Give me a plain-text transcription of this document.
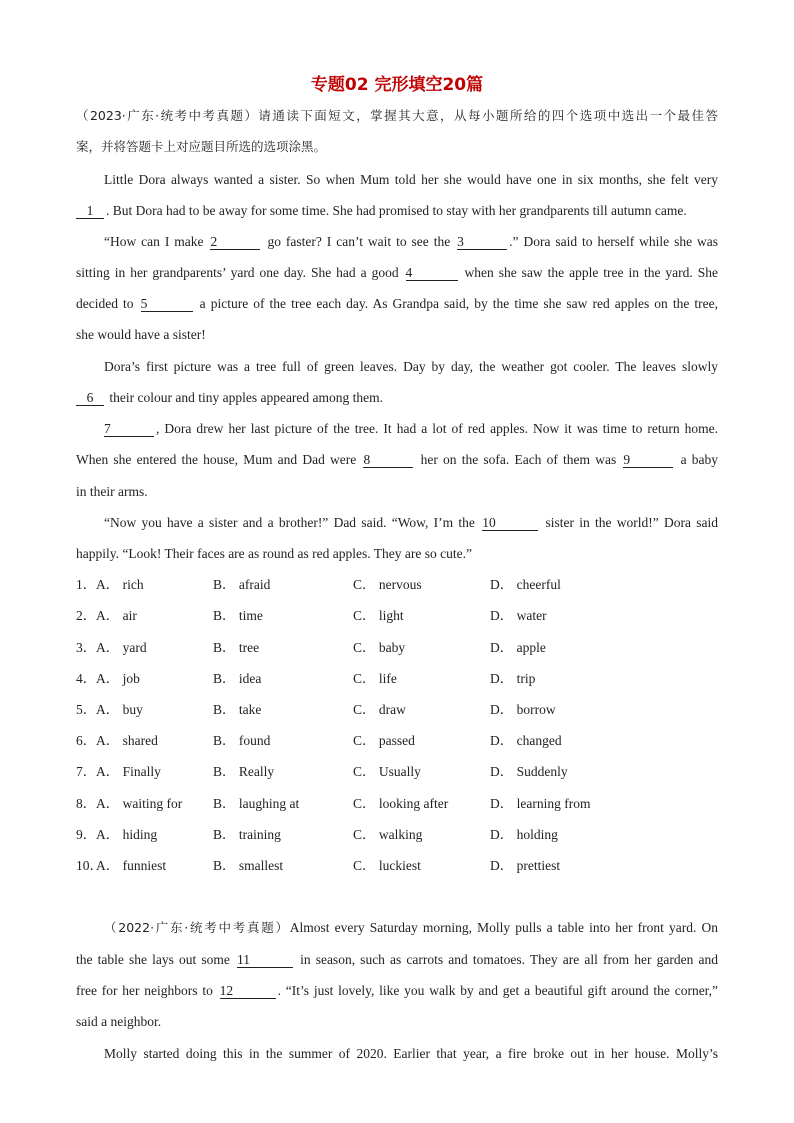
专题02 完形填空20篇
（2023·广东·统考中考真题）请通读下面短文，掌握其大意，从每小题所给的四个选项中选出一个最佳答
案，并将答题卡上对应题目所选的选项涂黑。
Little Dora always wanted a sister. So when Mum told her she would have one in six months, she felt very
1 . But Dora had to be away for some time. She had promised to stay with her grandparents till autumn came.
“How can I make 2	go faster? I can’t wait to see the 3	.” Dora said to herself while she was
sitting in her grandparents’ yard one day. She had a good 4	when she saw the apple tree in the yard. She
decided to 5	a picture of the tree each day. As Grandpa said, by the time she saw red apples on the tree,
she would have a sister!
Dora’s first picture was a tree full of green leaves. Day by day, the weather got cooler. The leaves slowly
6 their colour and tiny apples appeared among them.
7	, Dora drew her last picture of the tree. It had a lot of red apples. Now it was time to return home.
When she entered the house, Mum and Dad were 8	her on the sofa. Each of them was 9	a baby
in their arms.
“Now you have a sister and a brother!” Dad said. “Wow, I’m the 10	sister in the world!” Dora said
happily. “Look! Their faces are as round as red apples. They are so cute.”
1． A． rich	B． afraid	C． nervous	D． cheerful
2． A． air	B． time	C． light	D． water
3． A． yard	B． tree	C． baby	D． apple
4． A． job	B． idea	C． life	D． trip
5． A． buy	B． take	C． draw	D． borrow
6． A． shared	B． found	C． passed	D． changed
7． A． Finally	B． Really	C． Usually	D． Suddenly
8． A． waiting for B． laughing at	C． looking after	D． learning from
9． A． hiding	B． training	C． walking	D． holding
10．
A． funniest	B． smallest	C． luckiest	D． prettiest
（2022·广东·统考中考真题）Almost every Saturday morning, Molly pulls a table into her front yard. On
the table she lays out some 11	in season, such as carrots and tomatoes. They are all from her garden and
free for her neighbors to 12	. “It’s just lovely, like you walk by and get a beautiful gift around the corner,”
said a neighbor.
Molly started doing this in the summer of 2020. Earlier that year, a fire broke out in her house. Molly’s
